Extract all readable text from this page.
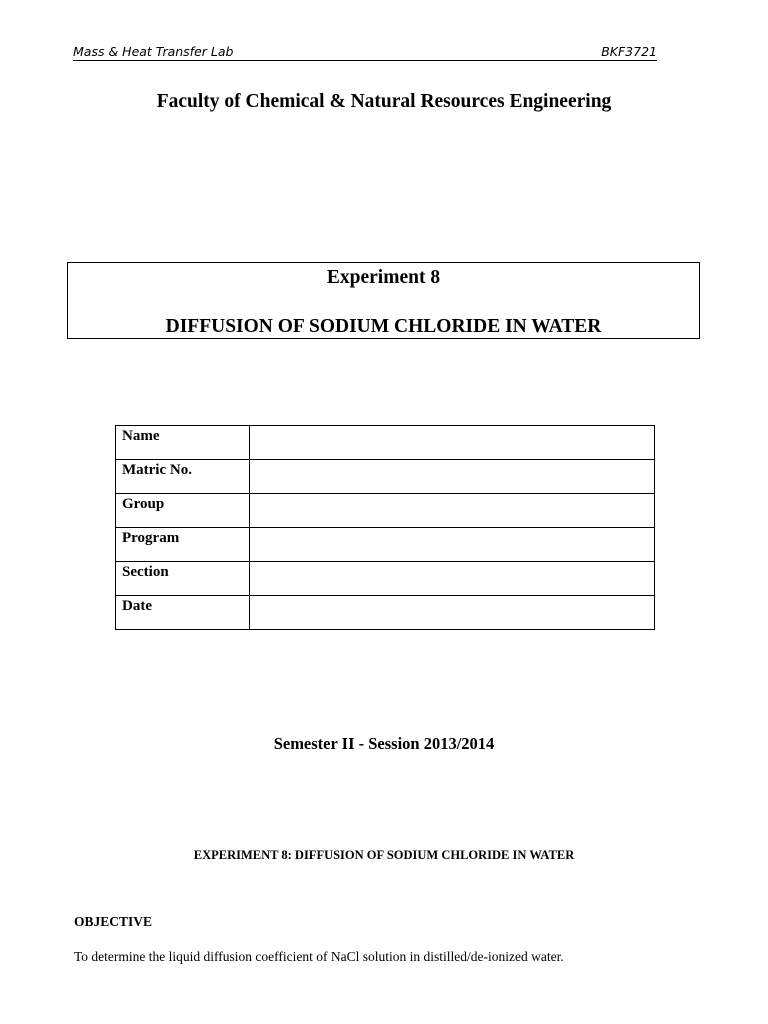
Mass & Heat Transfer Lab	BKF3721
Faculty of Chemical & Natural Resources Engineering
Experiment 8
DIFFUSION OF SODIUM CHLORIDE IN WATER
Name	
Matric No.	
Group	
Program	
Section	
Date	
Semester II - Session 2013/2014
EXPERIMENT 8: DIFFUSION OF SODIUM CHLORIDE IN WATER
OBJECTIVE
To determine the liquid diffusion coefficient of NaCl solution in distilled/de-ionized water.
